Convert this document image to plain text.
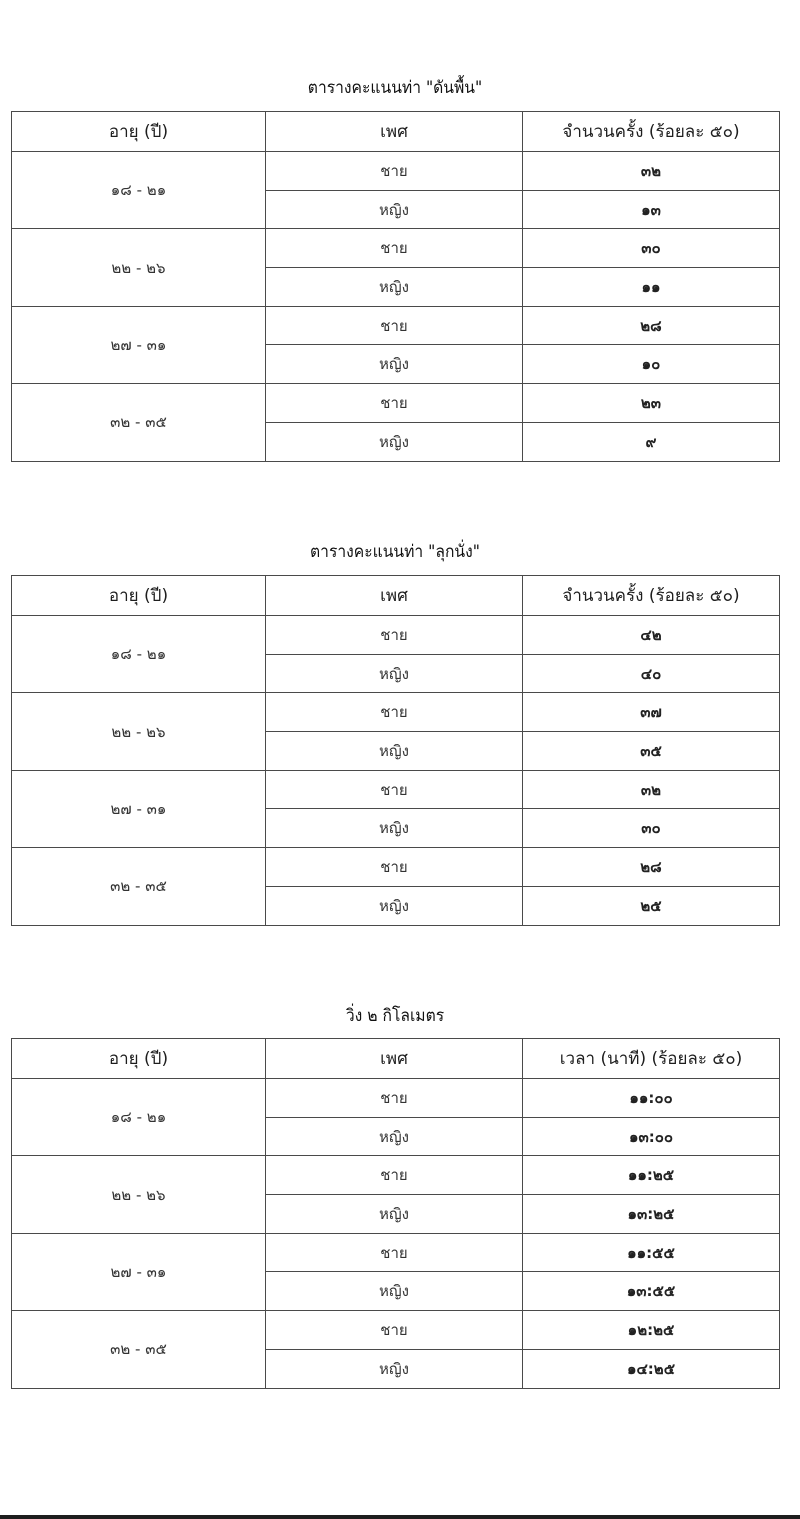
ตารางคะแนนท่า "ดันพื้น"
อายุ (ปี)	เพศ	จำนวนครั้ง (ร้อยละ ๕๐)
๑๘ - ๒๑	ชาย	๓๒
	หญิง	๑๓
๒๒ - ๒๖	ชาย	๓๐
	หญิง	๑๑
๒๗ - ๓๑	ชาย	๒๘
	หญิง	๑๐
๓๒ - ๓๕	ชาย	๒๓
	หญิง	๙
ตารางคะแนนท่า "ลุกนั่ง"
อายุ (ปี)	เพศ	จำนวนครั้ง (ร้อยละ ๕๐)
๑๘ - ๒๑	ชาย	๔๒
	หญิง	๔๐
๒๒ - ๒๖	ชาย	๓๗
	หญิง	๓๕
๒๗ - ๓๑	ชาย	๓๒
	หญิง	๓๐
๓๒ - ๓๕	ชาย	๒๘
	หญิง	๒๕
วิ่ง ๒ กิโลเมตร
อายุ (ปี)	เพศ	เวลา (นาที) (ร้อยละ ๕๐)
๑๘ - ๒๑	ชาย	๑๑:๐๐
	หญิง	๑๓:๐๐
๒๒ - ๒๖	ชาย	๑๑:๒๕
	หญิง	๑๓:๒๕
๒๗ - ๓๑	ชาย	๑๑:๕๕
	หญิง	๑๓:๕๕
๓๒ - ๓๕	ชาย	๑๒:๒๕
	หญิง	๑๔:๒๕
